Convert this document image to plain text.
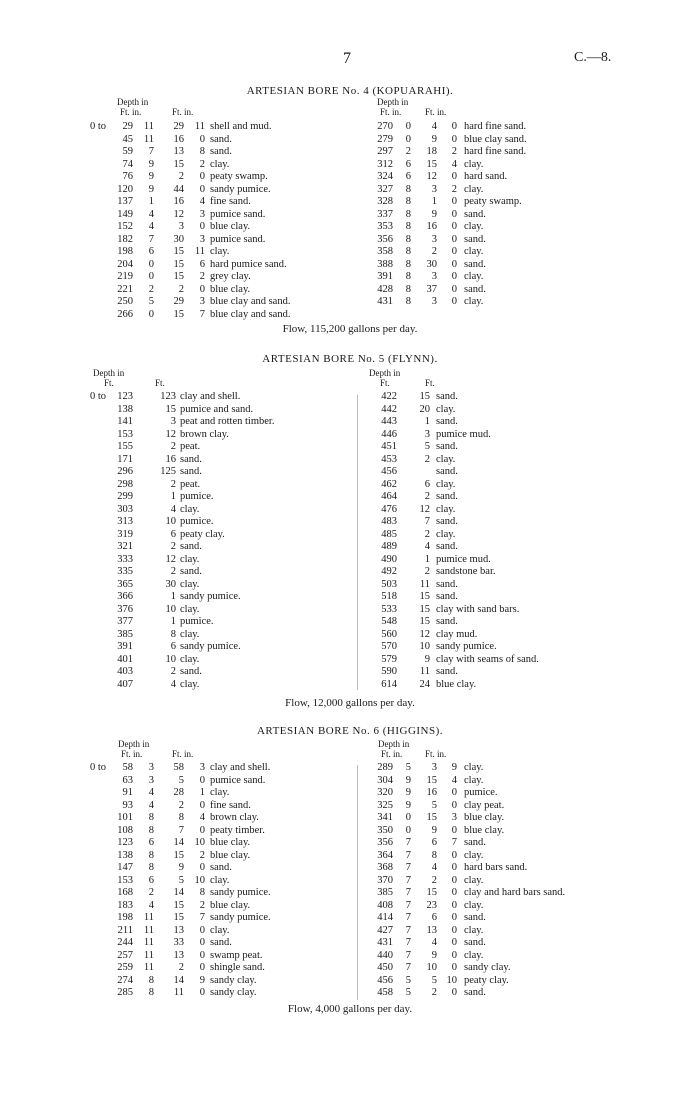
7	C.—8.
ARTESIAN BORE No. 4 (KOPUARAHI).
Depth in
Ft. in.	Ft. in.
Depth in
Ft. in.	Ft. in.
0 to 29 11 29 11 shell and mud.
45 11 16 0 sand.
59 7 13 8 sand.
74 9 15 2 clay.
76 9 2 0 peaty swamp.
120 9 44 0 sandy pumice.
137 1 16 4 fine sand.
149 4 12 3 pumice sand.
152 4 3 0 blue clay.
182 7 30 3 pumice sand.
198 6 15 11 clay.
204 0 15 6 hard pumice sand.
219 0 15 2 grey clay.
221 2 2 0 blue clay.
250 5 29 3 blue clay and sand.
266 0 15 7 blue clay and sand.
270 0 4 0 hard fine sand.
279 0 9 0 blue clay sand.
297 2 18 2 hard fine sand.
312 6 15 4 clay.
324 6 12 0 hard sand.
327 8 3 2 clay.
328 8 1 0 peaty swamp.
337 8 9 0 sand.
353 8 16 0 clay.
356 8 3 0 sand.
358 8 2 0 clay.
388 8 30 0 sand.
391 8 3 0 clay.
428 8 37 0 sand.
431 8 3 0 clay.
Flow, 115,200 gallons per day.
ARTESIAN BORE No. 5 (FLYNN).
Depth in
Ft.	Ft.
Depth in
Ft.	Ft.
0 to 123	123 clay and shell.
138	15 pumice and sand.
141	3 peat and rotten timber.
153	12 brown clay.
155	2 peat.
171	16 sand.
296	125 sand.
298	2 peat.
299	1 pumice.
303	4 clay.
313	10 pumice.
319	6 peaty clay.
321	2 sand.
333	12 clay.
335	2 sand.
365	30 clay.
366	1 sandy pumice.
376	10 clay.
377	1 pumice.
385	8 clay.
391	6 sandy pumice.
401	10 clay.
403	2 sand.
407	4 clay.
422 15 sand.
442 20 clay.
443	1 sand.
446	3 pumice mud.
451	5 sand.
453	2 clay.
456	sand.
462	6 clay.
464	2 sand.
476 12 clay.
483	7 sand.
485	2 clay.
489	4 sand.
490	1 pumice mud.
492	2 sandstone bar.
503 11 sand.
518 15 sand.
533 15 clay with sand bars.
548 15 sand.
560 12 clay mud.
570 10 sandy pumice.
579	9 clay with seams of sand.
590 11 sand.
614 24 blue clay.
Flow, 12,000 gallons per day.
ARTESIAN BORE No. 6 (HIGGINS).
Depth in
Ft. in.	Ft. in.
Depth in
Ft. in.	Ft. in.
0 to 58 3 58 3 clay and shell.
63 3 5 0 pumice sand.
91 4 28 1 clay.
93 4 2 0 fine sand.
101 8 8 4 brown clay.
108 8 7 0 peaty timber.
123 6 14 10 blue clay.
138 8 15 2 blue clay.
147 8 9 0 sand.
153 6 5 10 clay.
168 2 14 8 sandy pumice.
183 4 15 2 blue clay.
198 11 15 7 sandy pumice.
211 11 13 0 clay.
244 11 33 0 sand.
257 11 13 0 swamp peat.
259 11 2 0 shingle sand.
274 8 14 9 sandy clay.
285 8 11 0 sandy clay.
289 5 3 9 clay.
304 9 15 4 clay.
320 9 16 0 pumice.
325 9 5 0 clay peat.
341 0 15 3 blue clay.
350 0 9 0 blue clay.
356 7 6 7 sand.
364 7 8 0 clay.
368 7 4 0 hard bars sand.
370 7 2 0 clay.
385 7 15 0 clay and hard bars sand.
408 7 23 0 clay.
414 7 6 0 sand.
427 7 13 0 clay.
431 7 4 0 sand.
440 7 9 0 clay.
450 7 10 0 sandy clay.
456 5 5 10 peaty clay.
458 5 2 0 sand.
Flow, 4,000 gallons per day.
